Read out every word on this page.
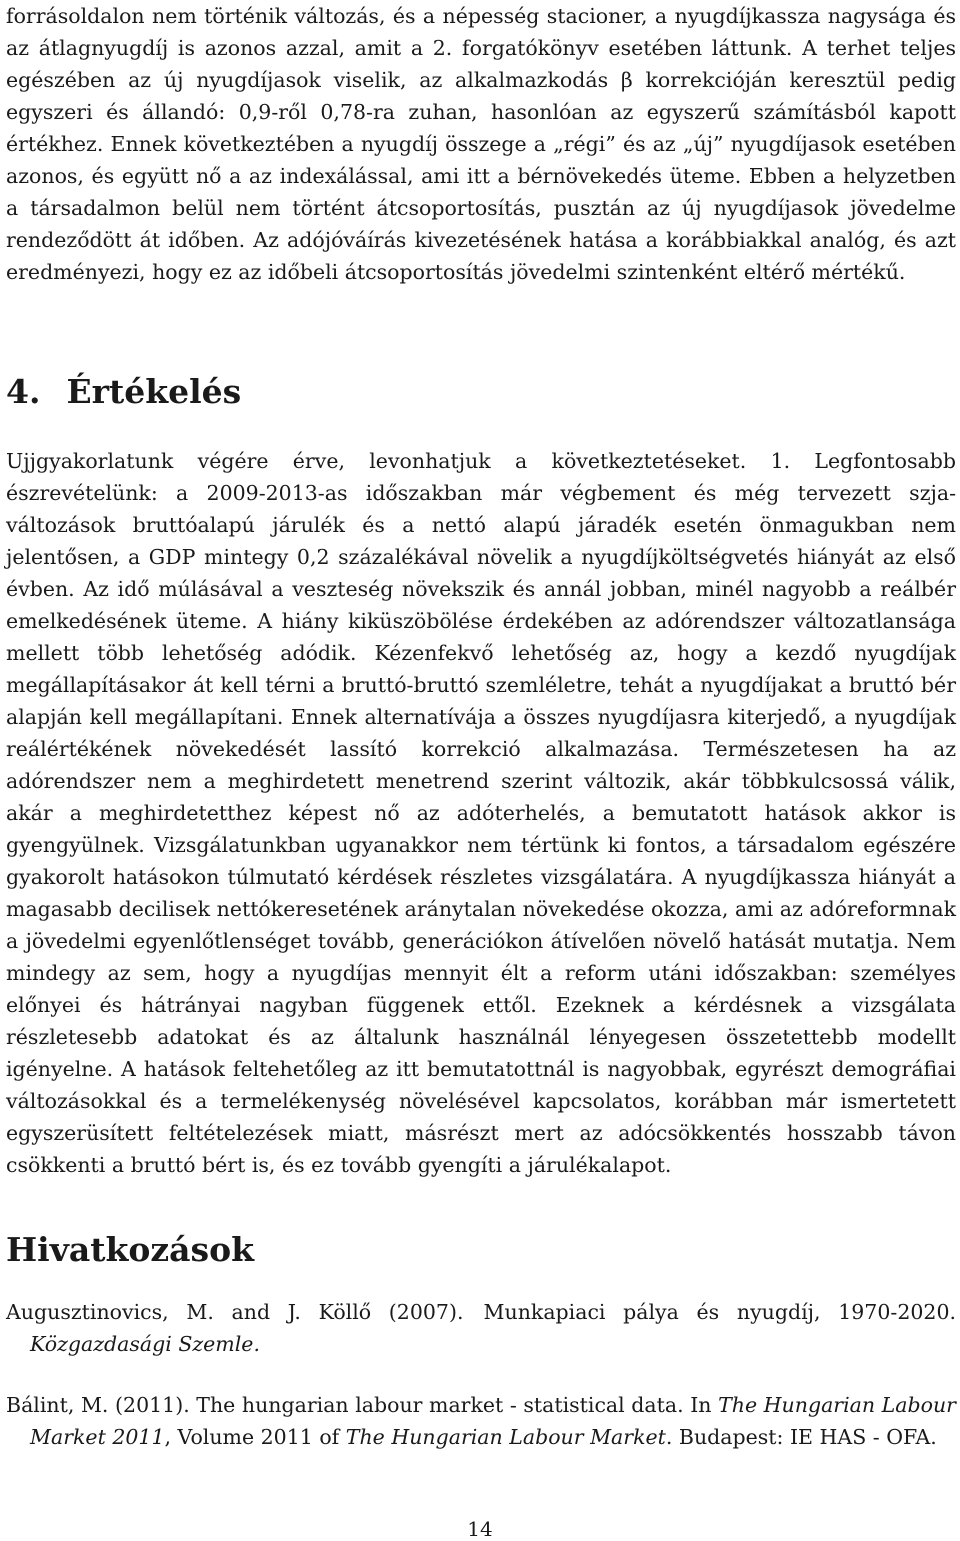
forrásoldalon nem történik változás, és a népesség stacioner, a nyugdíjkassza nagysága és az átlagnyugdíj is azonos azzal, amit a 2. forgatókönyv esetében láttunk. A terhet teljes egészében az új nyugdíjasok viselik, az alkalmazkodás β korrekcióján keresztül pedig egyszeri és állandó: 0,9-ről 0,78-ra zuhan, hasonlóan az egyszerű számításból kapott értékhez. Ennek következtében a nyugdíj összege a „régi” és az „új” nyugdíjasok esetében azonos, és együtt nő a az indexálással, ami itt a bérnövekedés üteme. Ebben a helyzetben a társadalmon belül nem történt átcsoportosítás, pusztán az új nyugdíjasok jövedelme rendeződött át időben. Az adójóváírás kivezetésének hatása a korábbiakkal analóg, és azt eredményezi, hogy ez az időbeli átcsoportosítás jövedelmi szintenként eltérő mértékű.

4. Értékelés

Ujjgyakorlatunk végére érve, levonhatjuk a következtetéseket. 1. Legfontosabb észrevételünk: a 2009-2013-as időszakban már végbement és még tervezett szja-változások bruttóalapú járulék és a nettó alapú járadék esetén önmagukban nem jelentősen, a GDP mintegy 0,2 százalékával növelik a nyugdíjköltségvetés hiányát az első évben. Az idő múlásával a veszteség növekszik és annál jobban, minél nagyobb a reálbér emelkedésének üteme. A hiány kiküszöbölése érdekében az adórendszer változatlansága mellett több lehetőség adódik. Kézenfekvő lehetőség az, hogy a kezdő nyugdíjak megállapításakor át kell térni a bruttó-bruttó szemléletre, tehát a nyugdíjakat a bruttó bér alapján kell megállapítani. Ennek alternatívája a összes nyugdíjasra kiterjedő, a nyugdíjak reálértékének növekedését lassító korrekció alkalmazása. Természetesen ha az adórendszer nem a meghirdetett menetrend szerint változik, akár többkulcsossá válik, akár a meghirdetetthez képest nő az adóterhelés, a bemutatott hatások akkor is gyengyülnek. Vizsgálatunkban ugyanakkor nem tértünk ki fontos, a társadalom egészére gyakorolt hatásokon túlmutató kérdések részletes vizsgálatára. A nyugdíjkassza hiányát a magasabb decilisek nettókeresetének aránytalan növekedése okozza, ami az adóreformnak a jövedelmi egyenlőtlenséget tovább, generációkon átívelően növelő hatását mutatja. Nem mindegy az sem, hogy a nyugdíjas mennyit élt a reform utáni időszakban: személyes előnyei és hátrányai nagyban függenek ettől. Ezeknek a kérdésnek a vizsgálata részletesebb adatokat és az általunk használnál lényegesen összetettebb modellt igényelne. A hatások feltehetőleg az itt bemutatottnál is nagyobbak, egyrészt demográfiai változásokkal és a termelékenység növelésével kapcsolatos, korábban már ismertetett egyszerüsített feltételezések miatt, másrészt mert az adócsökkentés hosszabb távon csökkenti a bruttó bért is, és ez tovább gyengíti a járulékalapot.

Hivatkozások

Augusztinovics, M. and J. Köllő (2007). Munkapiaci pálya és nyugdíj, 1970-2020. Közgazdasági Szemle.

Bálint, M. (2011). The hungarian labour market - statistical data. In The Hungarian Labour Market 2011, Volume 2011 of The Hungarian Labour Market. Budapest: IE HAS - OFA.

14
